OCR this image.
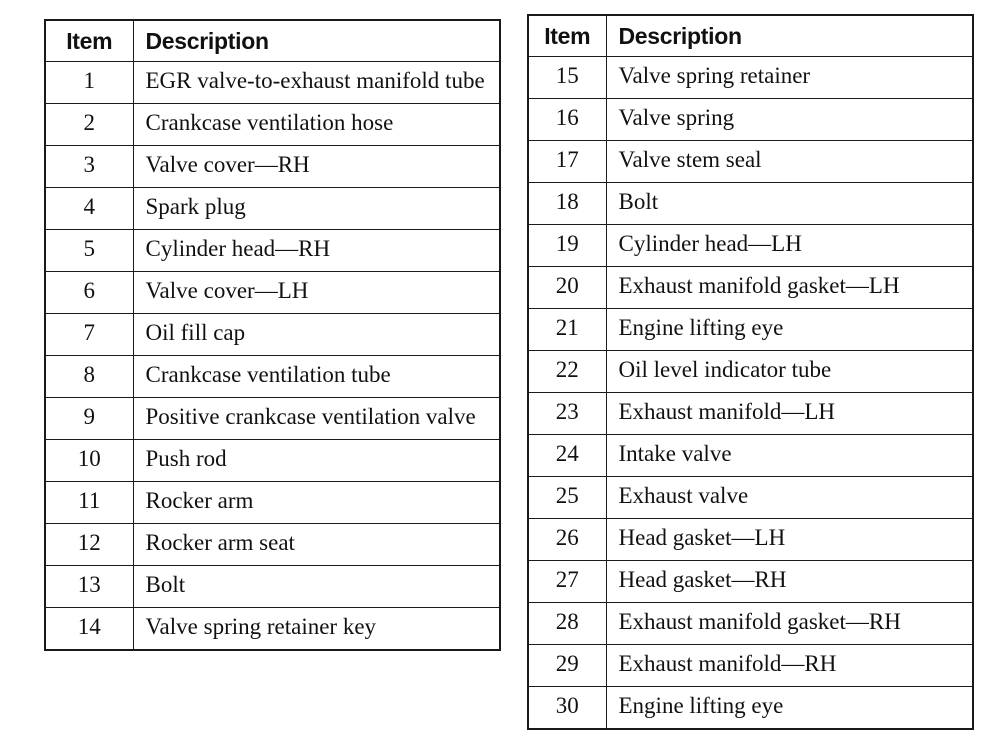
Item	Description
1	EGR valve-to-exhaust manifold tube
2	Crankcase ventilation hose
3	Valve cover—RH
4	Spark plug
5	Cylinder head—RH
6	Valve cover—LH
7	Oil fill cap
8	Crankcase ventilation tube
9	Positive crankcase ventilation valve
10	Push rod
11	Rocker arm
12	Rocker arm seat
13	Bolt
14	Valve spring retainer key
Item	Description
15	Valve spring retainer
16	Valve spring
17	Valve stem seal
18	Bolt
19	Cylinder head—LH
20	Exhaust manifold gasket—LH
21	Engine lifting eye
22	Oil level indicator tube
23	Exhaust manifold—LH
24	Intake valve
25	Exhaust valve
26	Head gasket—LH
27	Head gasket—RH
28	Exhaust manifold gasket—RH
29	Exhaust manifold—RH
30	Engine lifting eye
